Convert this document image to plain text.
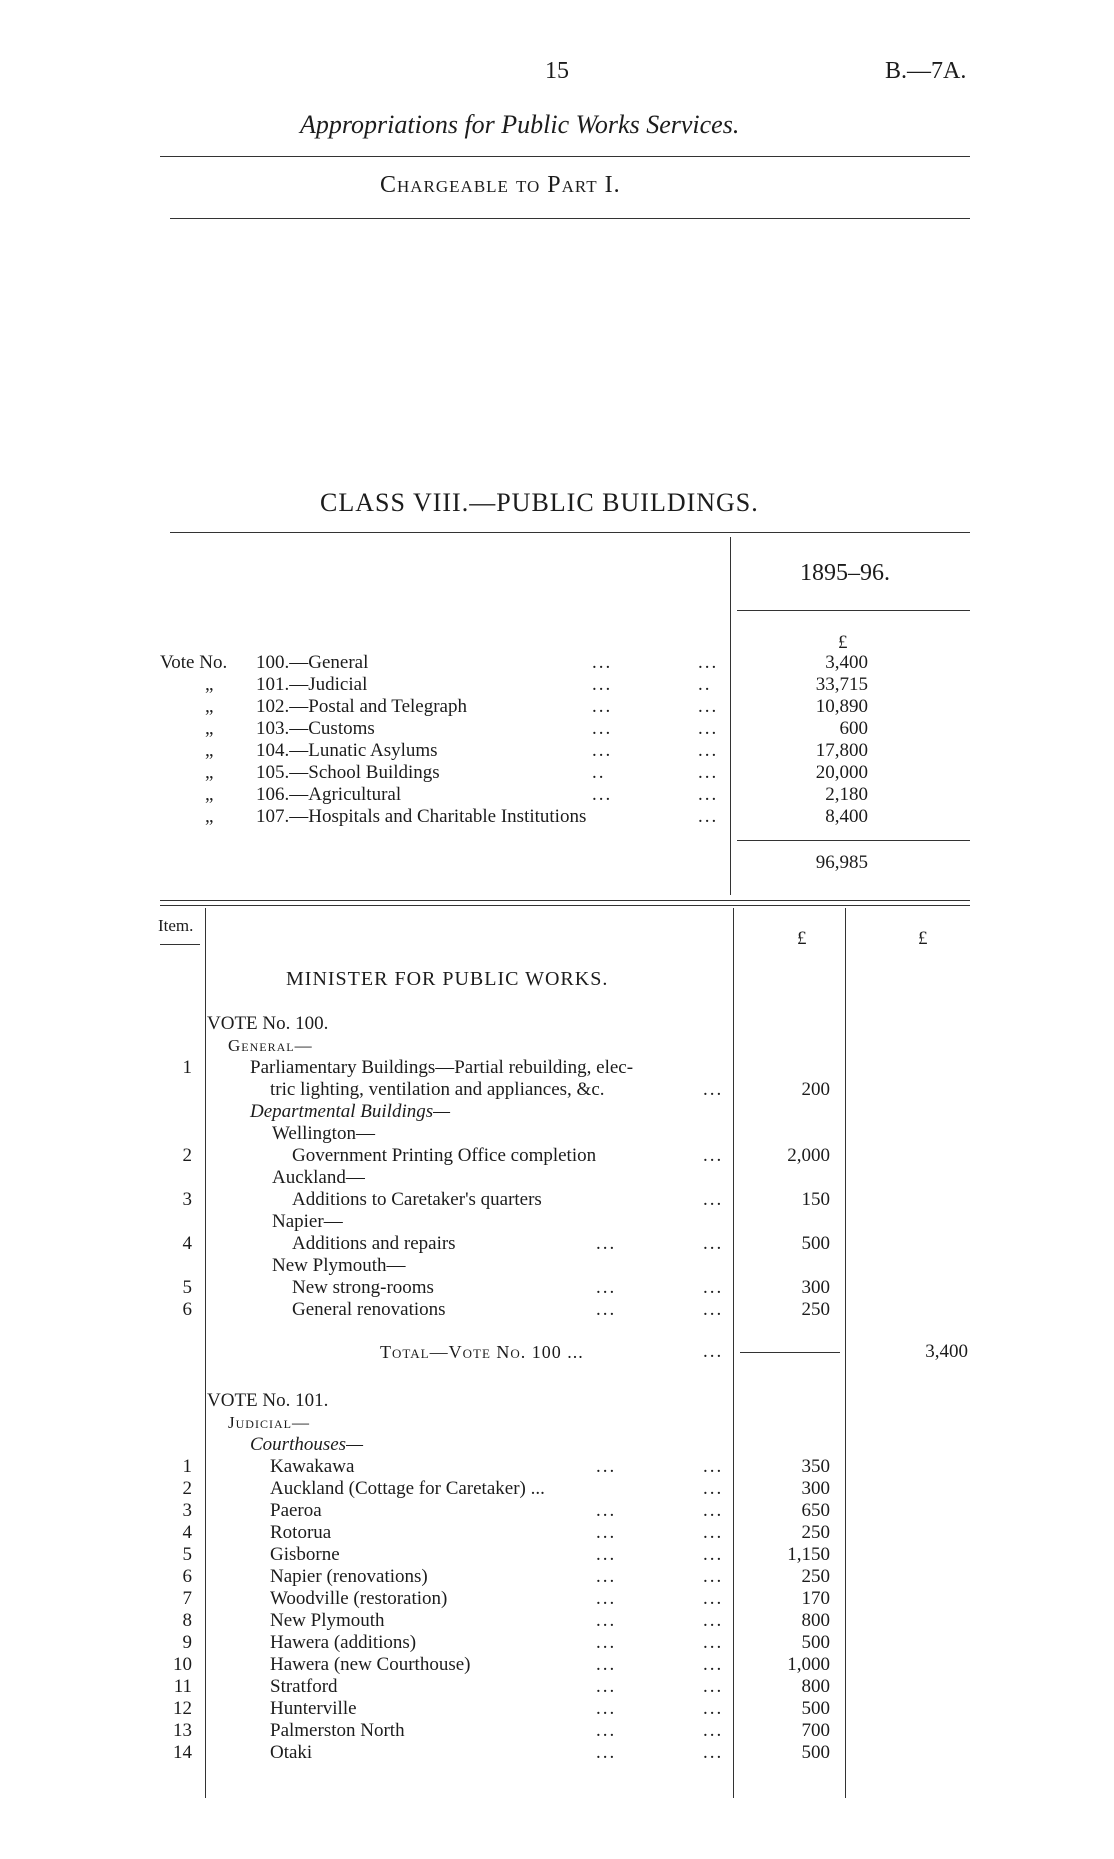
15	B.—7A.
Appropriations for Public Works Services.
Chargeable to Part I.
CLASS VIII.—PUBLIC BUILDINGS.
1895–96.
£
Vote No. 100.—General	...	...	3,400
„ 101.—Judicial	...	..	33,715
„ 102.—Postal and Telegraph	...	...	10,890
„ 103.—Customs	...	...	600
„ 104.—Lunatic Asylums	...	...	17,800
„ 105.—School Buildings	..	...	20,000
„ 106.—Agricultural	...	...	2,180
„ 107.—Hospitals and Charitable Institutions	...	8,400
96,985
Item.
£	£
MINISTER FOR PUBLIC WORKS.
VOTE No. 100.
General—
1	Parliamentary Buildings—Partial rebuilding, elec-
tric lighting, ventilation and appliances, &c.	...	200
Departmental Buildings—
Wellington—
2	Government Printing Office completion	...	2,000
Auckland—
3	Additions to Caretaker's quarters	...	150
Napier—
4	Additions and repairs	...	...	500
New Plymouth—
5	New strong-rooms	...	...	300
6	General renovations	...	...	250
Total—Vote No. 100 ...	...	3,400
VOTE No. 101.
Judicial—
Courthouses—
1	Kawakawa	...	...	350
2	Auckland (Cottage for Caretaker) ...	...	300
3	Paeroa	...	...	650
4	Rotorua	...	...	250
5	Gisborne	...	...	1,150
6	Napier (renovations)	...	...	250
7	Woodville (restoration)	...	...	170
8	New Plymouth	...	...	800
9	Hawera (additions)	...	...	500
10	Hawera (new Courthouse)	...	...	1,000
11	Stratford	...	...	800
12	Hunterville	...	...	500
13	Palmerston North	...	...	700
14	Otaki	...	...	500
